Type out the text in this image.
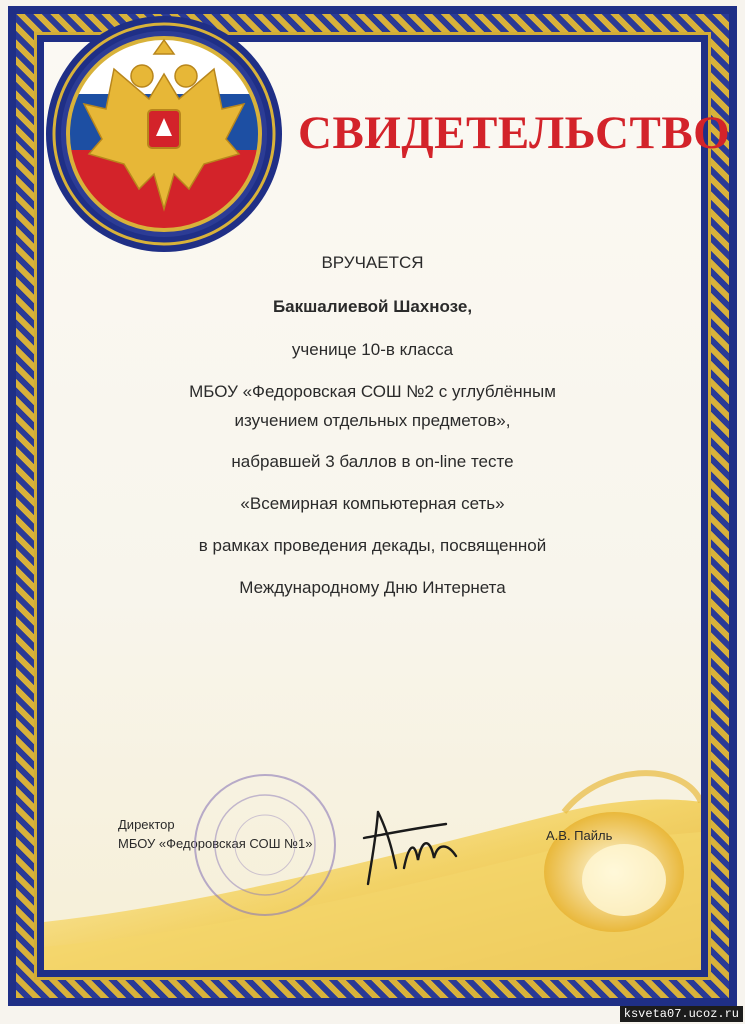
СВИДЕТЕЛЬСТВО
ВРУЧАЕТСЯ
Бакшалиевой Шахнозе,
ученице 10-в класса
МБОУ «Федоровская СОШ №2 с углублённым
изучением отдельных предметов»,
набравшей 3 баллов в on-line тесте
«Всемирная компьютерная сеть»
в рамках проведения декады, посвященной
Международному Дню Интернета
Директор
МБОУ «Федоровская СОШ №1»
А.В. Пайль
ksveta07.ucoz.ru
